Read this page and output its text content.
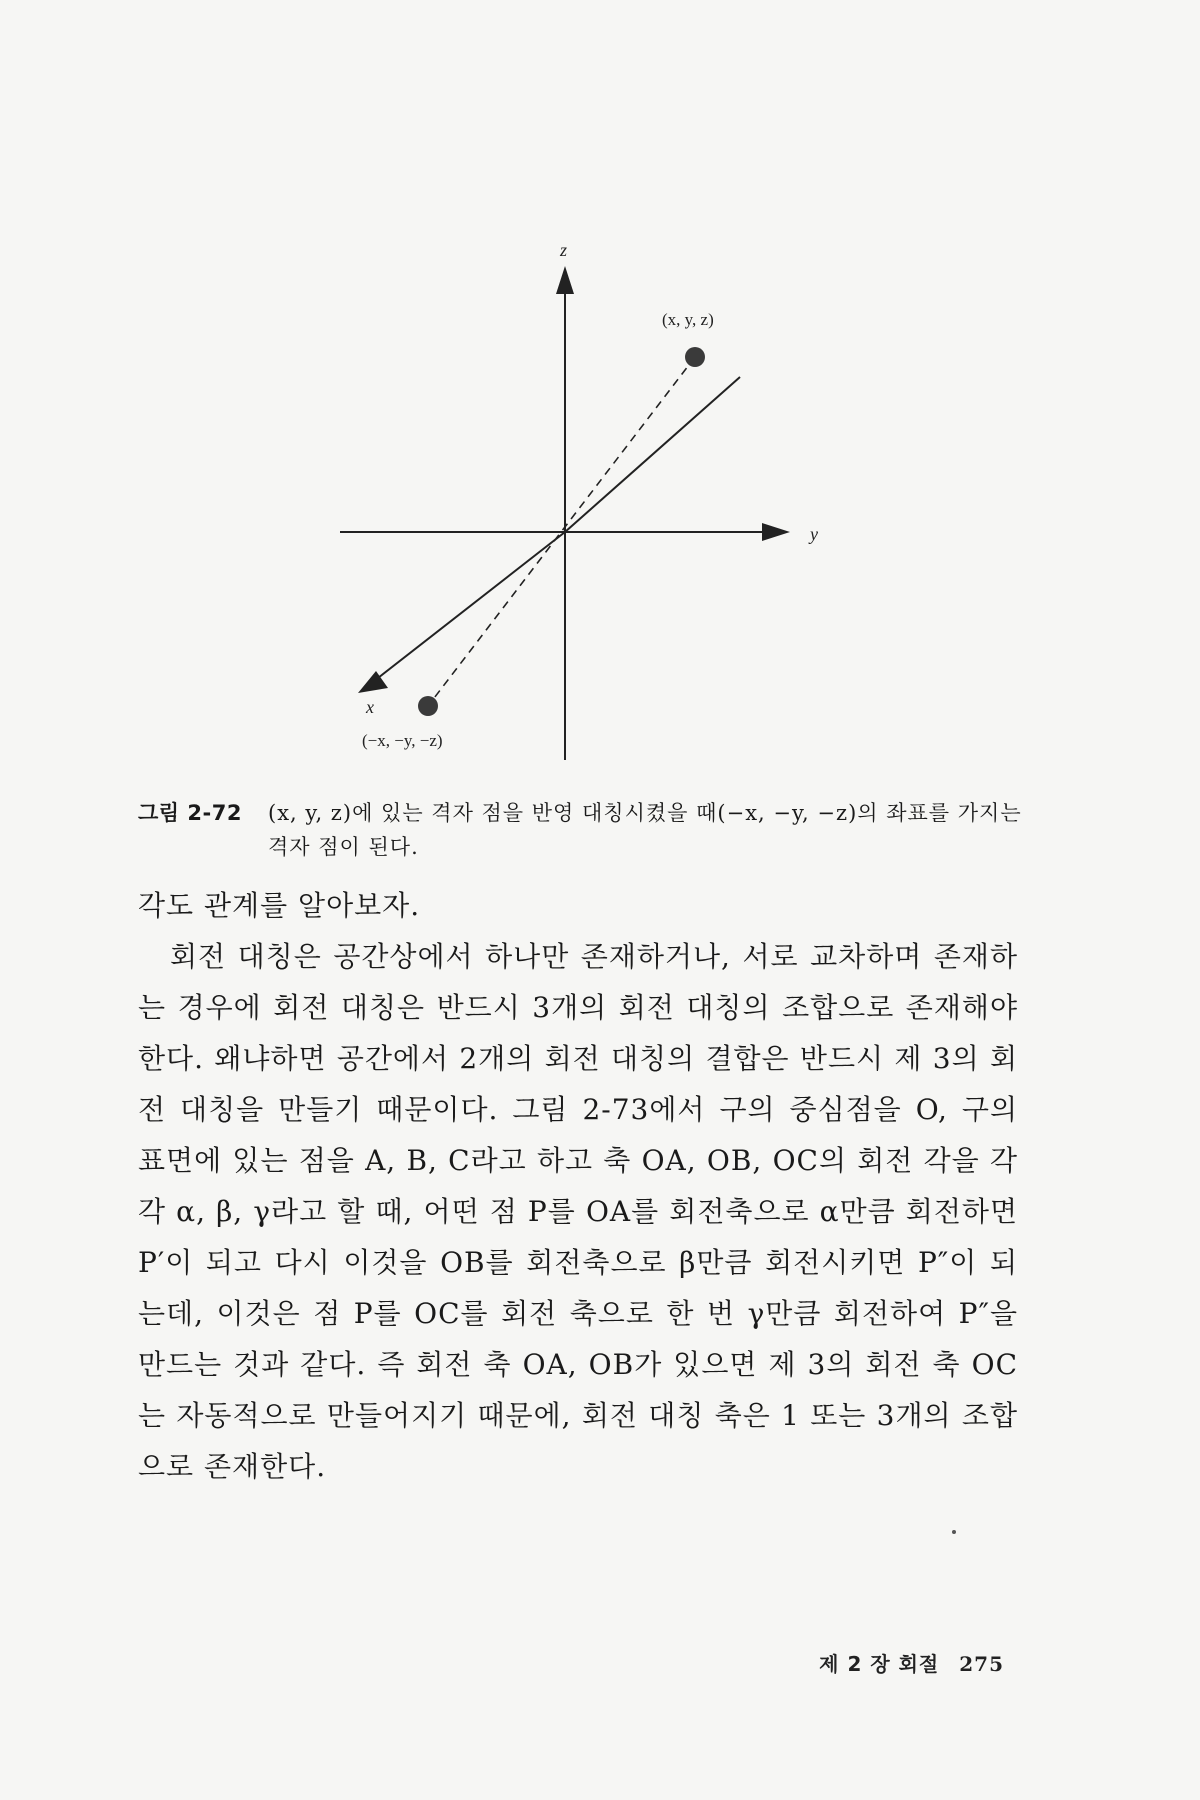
z
y
x
(x, y, z)
(−x, −y, −z)
그림 2-72 (x, y, z)에 있는 격자 점을 반영 대칭시켰을 때(−x, −y, −z)의 좌표를 가지는 격자 점이 된다.

각도 관계를 알아보자.

회전 대칭은 공간상에서 하나만 존재하거나, 서로 교차하며 존재하는 경우에 회전 대칭은 반드시 3개의 회전 대칭의 조합으로 존재해야 한다. 왜냐하면 공간에서 2개의 회전 대칭의 결합은 반드시 제 3의 회전 대칭을 만들기 때문이다. 그림 2-73에서 구의 중심점을 O, 구의 표면에 있는 점을 A, B, C라고 하고 축 OA, OB, OC의 회전 각을 각각 α, β, γ라고 할 때, 어떤 점 P를 OA를 회전축으로 α만큼 회전하면 P′이 되고 다시 이것을 OB를 회전축으로 β만큼 회전시키면 P″이 되는데, 이것은 점 P를 OC를 회전 축으로 한 번 γ만큼 회전하여 P″을 만드는 것과 같다. 즉 회전 축 OA, OB가 있으면 제 3의 회전 축 OC는 자동적으로 만들어지기 때문에, 회전 대칭 축은 1 또는 3개의 조합으로 존재한다.

제 2 장 회절 275
